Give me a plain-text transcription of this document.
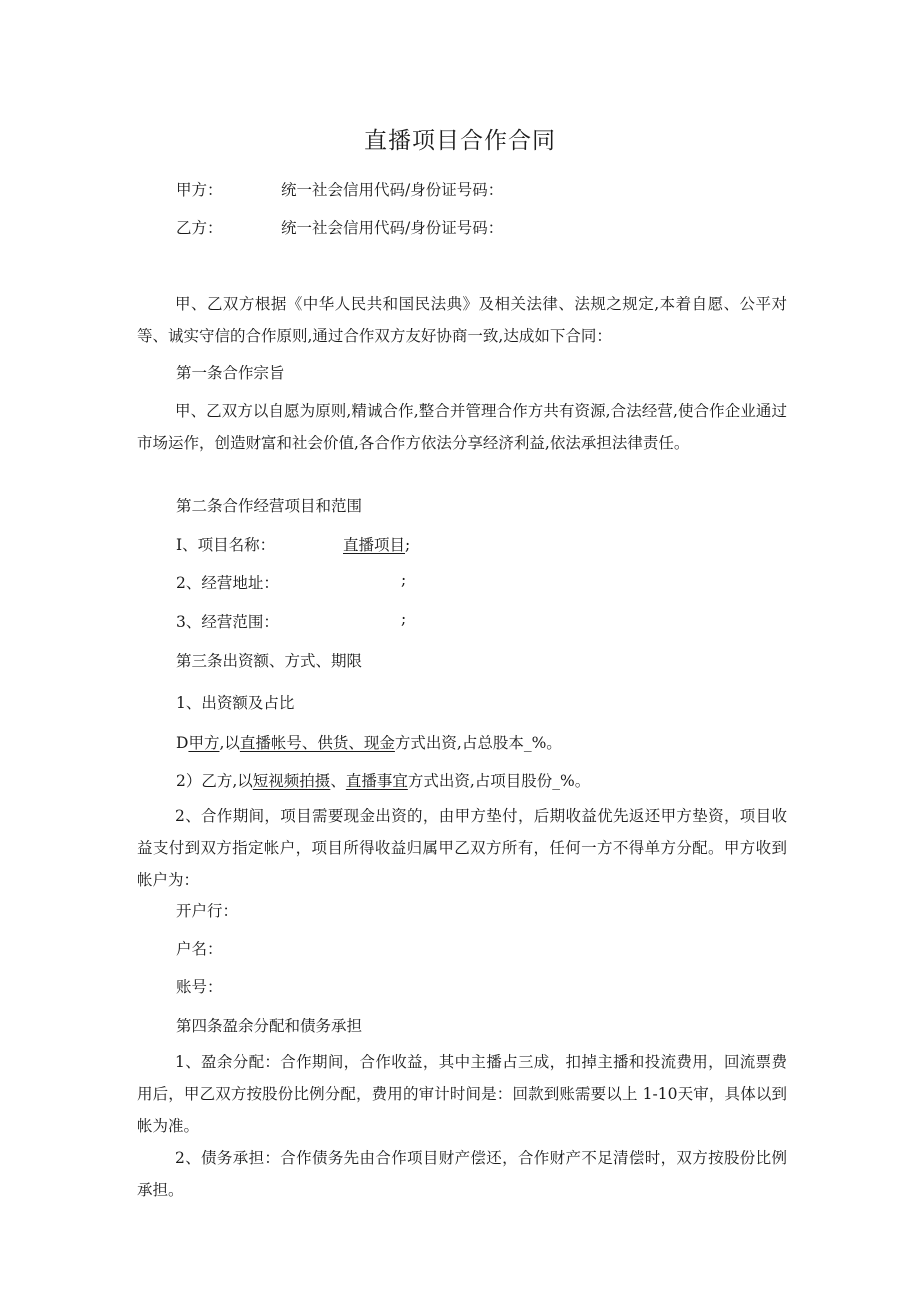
直播项目合作合同
甲方：	统一社会信用代码/身份证号码：
乙方：	统一社会信用代码/身份证号码：
甲、乙双方根据《中华人民共和国民法典》及相关法律、法规之规定,本着自愿、公平对等、诚实守信的合作原则,通过合作双方友好协商一致,达成如下合同：
第一条合作宗旨
甲、乙双方以自愿为原则,精诚合作,整合并管理合作方共有资源,合法经营,使合作企业通过市场运作，创造财富和社会价值,各合作方依法分享经济利益,依法承担法律责任。
第二条合作经营项目和范围
I、项目名称：	直播项目;
2、经营地址：	;
3、经营范围：	;
第三条出资额、方式、期限
1、出资额及占比
D甲方,以直播帐号、供货、现金方式出资,占总股本_%。
2）乙方,以短视频拍摄、直播事宜方式出资,占项目股份_%。
2、合作期间，项目需要现金出资的，由甲方垫付，后期收益优先返还甲方垫资，项目收益支付到双方指定帐户，项目所得收益归属甲乙双方所有，任何一方不得单方分配。甲方收到帐户为：
开户行：
户名：
账号：
第四条盈余分配和债务承担
1、盈余分配：合作期间，合作收益，其中主播占三成，扣掉主播和投流费用，回流票费用后，甲乙双方按股份比例分配，费用的审计时间是：回款到账需要以上 1-10天审，具体以到帐为准。
2、债务承担：合作债务先由合作项目财产偿还，合作财产不足清偿时，双方按股份比例承担。
